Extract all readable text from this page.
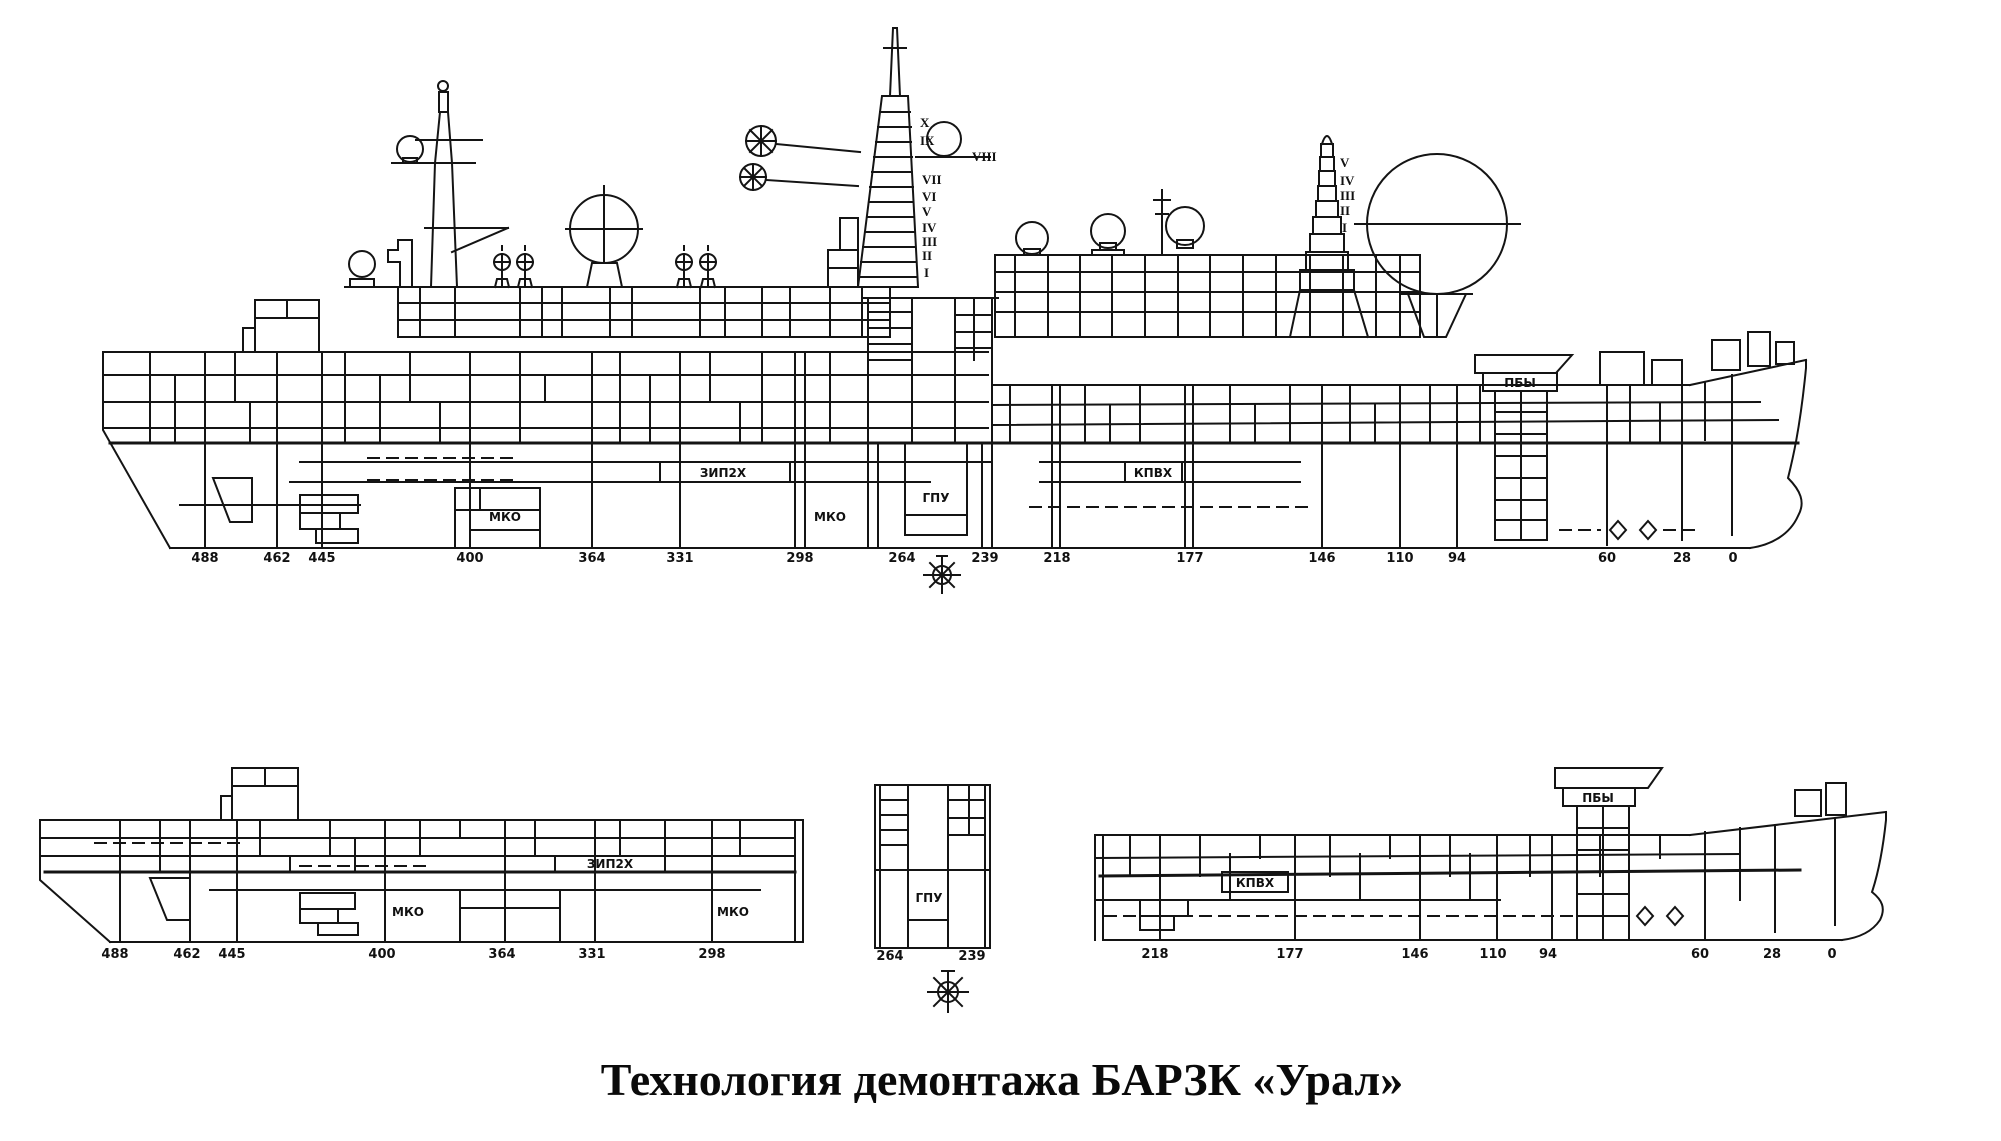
X
IX
VIII
VII
VI
V
IV
III
II
I
V
IV
III
II
I
МКО
ЗИП2Х
МКО
ГПУ
КПВХ
ПБЫ
488	462 445	400	364	331	298	264	239	218	177	146	110	94	60	28	0
ЗИП2Х
МКО	МКО
488	462 445	400	364	331	298
ГПУ
264	239
КПВХ
ПБЫ
218	177	146	110 94	60	28	0
Технология демонтажа БАРЗК «Урал»
